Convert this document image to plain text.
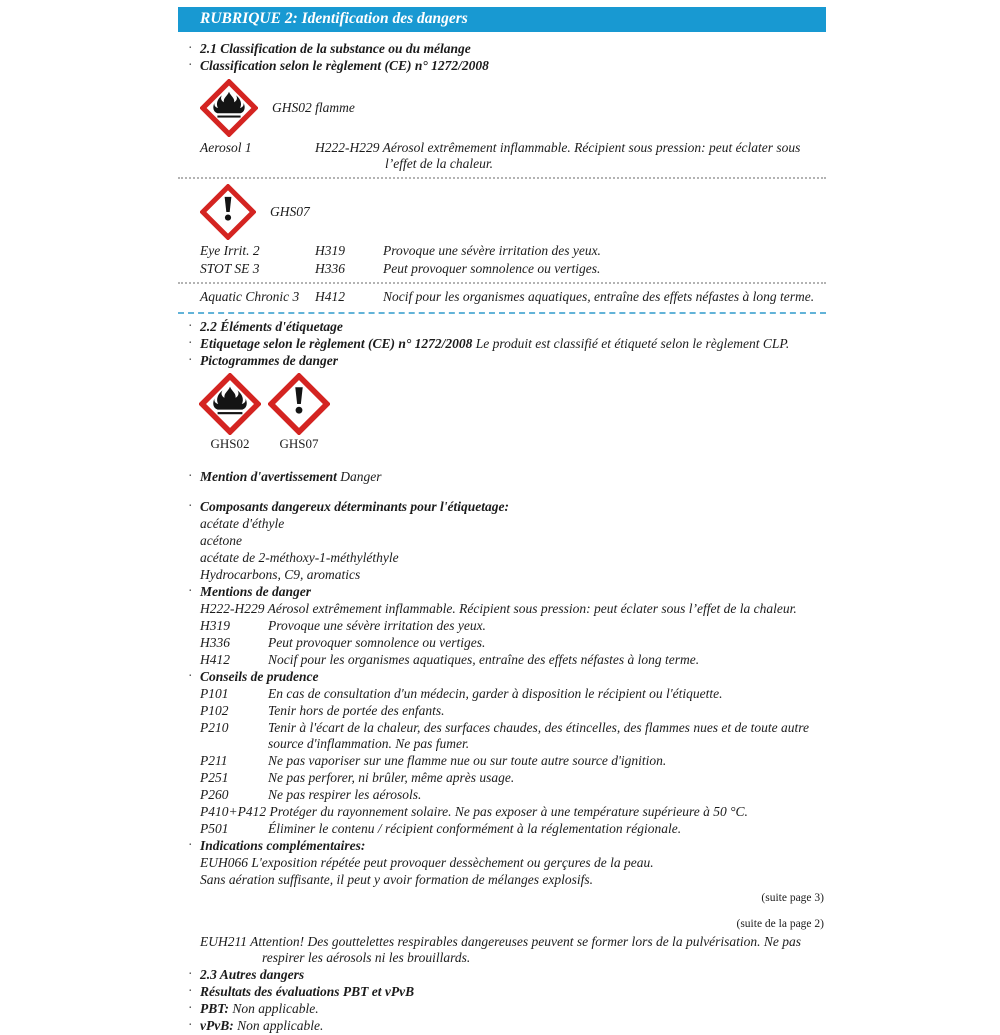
RUBRIQUE 2: Identification des dangers

· 2.1 Classification de la substance ou du mélange

· Classification selon le règlement (CE) n° 1272/2008

GHS02 flamme

Aerosol 1	H222-H229 Aérosol extrêmement inflammable. Récipient sous pression: peut éclater sous l’effet de la chaleur.

GHS07

Eye Irrit. 2	H319	Provoque une sévère irritation des yeux.
STOT SE 3	H336	Peut provoquer somnolence ou vertiges.
Aquatic Chronic 3	H412	Nocif pour les organismes aquatiques, entraîne des effets néfastes à long terme.

· 2.2 Éléments d'étiquetage

· Etiquetage selon le règlement (CE) n° 1272/2008 Le produit est classifié et étiqueté selon le règlement CLP.

· Pictogrammes de danger

GHS02	GHS07

· Mention d'avertissement Danger

· Composants dangereux déterminants pour l'étiquetage:

acétate d'éthyle

acétone

acétate de 2-méthoxy-1-méthyléthyle

Hydrocarbons, C9, aromatics

· Mentions de danger

H222-H229 Aérosol extrêmement inflammable. Récipient sous pression: peut éclater sous l’effet de la chaleur.

H319	Provoque une sévère irritation des yeux.
H336	Peut provoquer somnolence ou vertiges.
H412	Nocif pour les organismes aquatiques, entraîne des effets néfastes à long terme.

· Conseils de prudence

P101	En cas de consultation d'un médecin, garder à disposition le récipient ou l'étiquette.
P102	Tenir hors de portée des enfants.
P210	Tenir à l'écart de la chaleur, des surfaces chaudes, des étincelles, des flammes nues et de toute autre source d'inflammation. Ne pas fumer.
P211	Ne pas vaporiser sur une flamme nue ou sur toute autre source d'ignition.
P251	Ne pas perforer, ni brûler, même après usage.
P260	Ne pas respirer les aérosols.

P410+P412 Protéger du rayonnement solaire. Ne pas exposer à une température supérieure à 50 °C.

P501	Éliminer le contenu / récipient conformément à la réglementation régionale.

· Indications complémentaires:

EUH066 L'exposition répétée peut provoquer dessèchement ou gerçures de la peau.

Sans aération suffisante, il peut y avoir formation de mélanges explosifs.

(suite page 3)

(suite de la page 2)

EUH211 Attention! Des gouttelettes respirables dangereuses peuvent se former lors de la pulvérisation. Ne pas respirer les aérosols ni les brouillards.

· 2.3 Autres dangers

· Résultats des évaluations PBT et vPvB

· PBT: Non applicable.

· vPvB: Non applicable.
